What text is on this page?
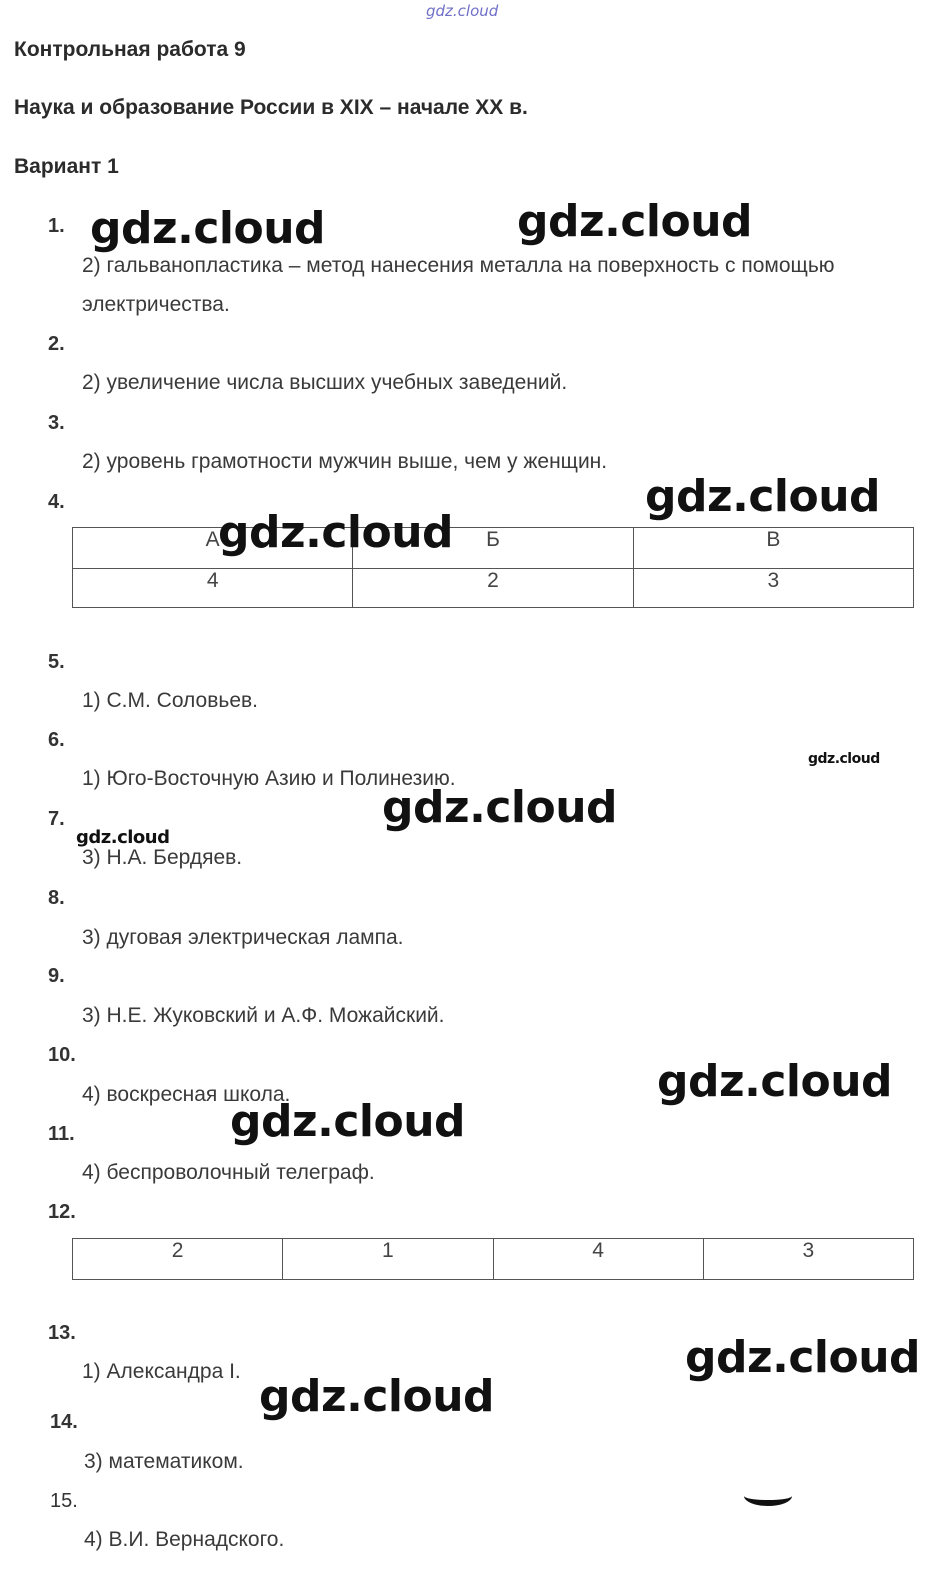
gdz.cloud
Контрольная работа 9
Наука и образование России в XIX – начале XX в.
Вариант 1
1.
2) гальванопластика – метод нанесения металла на поверхность с помощью
электричества.
2.
2) увеличение числа высших учебных заведений.
3.
2) уровень грамотности мужчин выше, чем у женщин.
4.
А	Б	В
4	2	3
5.
1) С.М. Соловьев.
6.
1) Юго-Восточную Азию и Полинезию.
7.
3) Н.А. Бердяев.
8.
3) дуговая электрическая лампа.
9.
3) Н.Е. Жуковский и А.Ф. Можайский.
10.
4) воскресная школа.
11.
4) беспроволочный телеграф.
12.
2	1	4	3
13.
1) Александра I.
14.
3) математиком.
15.
4) В.И. Вернадского.
gdz.cloud	gdz.cloud
gdz.cloud
gdz.cloud
gdz.cloud
gdz.cloud
gdz.cloud
gdz.cloud
gdz.cloud
gdz.cloud
gdz.cloud
